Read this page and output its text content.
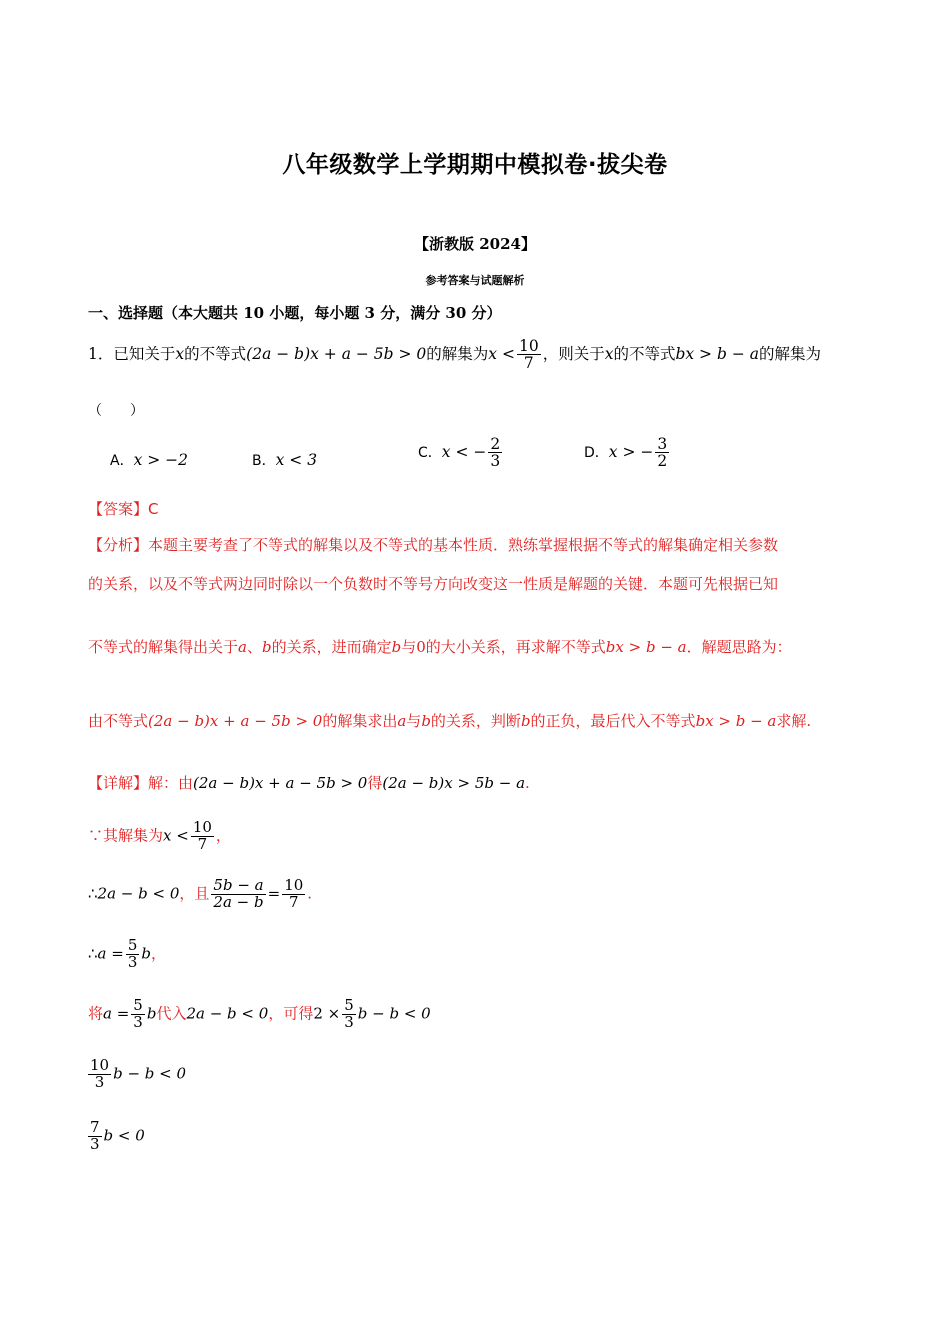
八年级数学上学期期中模拟卷·拔尖卷
【浙教版 2024】
参考答案与试题解析
一、选择题（本大题共 10 小题，每小题 3 分，满分 30 分）
1．已知关于x的不等式(2a − b)x + a − 5b > 0的解集为$x < \frac{10}{7}$ ，则关于x的不等式bx > b − a的解集为
（　　）
A．x > −2	B．x < 3	C．x < − $\frac{2}{3}$	D．x > − $\frac{3}{2}$
【答案】C
【分析】本题主要考查了不等式的解集以及不等式的基本性质．熟练掌握根据不等式的解集确定相关参数
的关系，以及不等式两边同时除以一个负数时不等号方向改变这一性质是解题的关键．本题可先根据已知
不等式的解集得出关于a、b的关系，进而确定b与0的大小关系，再求解不等式bx > b − a．解题思路为：
由不等式(2a − b)x + a − 5b > 0的解集求出a与b的关系，判断b的正负，最后代入不等式bx > b − a求解.
【详解】解：由(2a − b)x + a − 5b > 0得(2a − b)x > 5b − a.
∵其解集为$x < \frac{10}{7}$ ，
∴2a − b < 0，且 $\frac{5b - a}{2a - b} = \frac{10}{7}$ .
∴a = $\frac{5}{3}$ b，
将$a = \frac{5}{3}$ b代入2a − b < 0，可得$2 \times \frac{5}{3}$ b − b < 0
$\frac{10}{3}$ b − b < 0
$\frac{7}{3}$ b < 0
